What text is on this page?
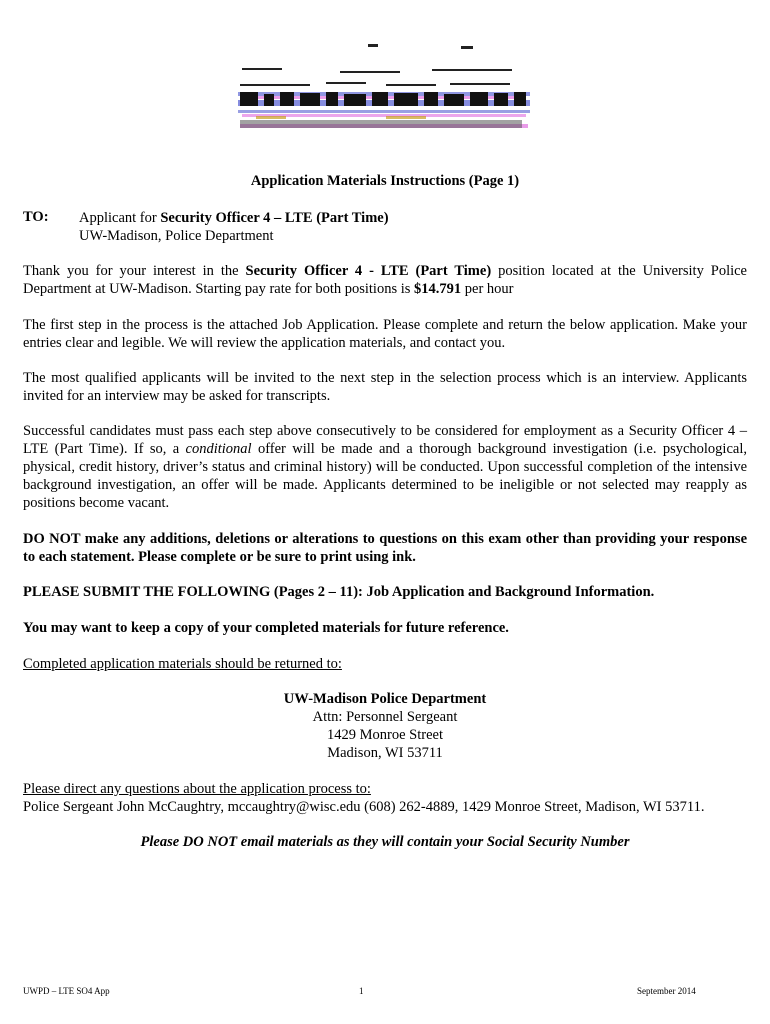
Application Materials Instructions (Page 1)
TO: Applicant for Security Officer 4 – LTE (Part Time)
UW-Madison, Police Department
Thank you for your interest in the Security Officer 4 - LTE (Part Time) position located at the University Police Department at UW-Madison. Starting pay rate for both positions is $14.791 per hour
The first step in the process is the attached Job Application. Please complete and return the below application. Make your entries clear and legible. We will review the application materials, and contact you.
The most qualified applicants will be invited to the next step in the selection process which is an interview. Applicants invited for an interview may be asked for transcripts.
Successful candidates must pass each step above consecutively to be considered for employment as a Security Officer 4 – LTE (Part Time). If so, a conditional offer will be made and a thorough background investigation (i.e. psychological, physical, credit history, driver’s status and criminal history) will be conducted. Upon successful completion of the intensive background investigation, an offer will be made. Applicants determined to be ineligible or not selected may reapply as positions become vacant.
DO NOT make any additions, deletions or alterations to questions on this exam other than providing your response to each statement. Please complete or be sure to print using ink.
PLEASE SUBMIT THE FOLLOWING (Pages 2 – 11): Job Application and Background Information.
You may want to keep a copy of your completed materials for future reference.
Completed application materials should be returned to:
UW-Madison Police Department
Attn: Personnel Sergeant
1429 Monroe Street
Madison, WI 53711
Please direct any questions about the application process to:
Police Sergeant John McCaughtry, mccaughtry@wisc.edu (608) 262-4889, 1429 Monroe Street, Madison, WI 53711.
Please DO NOT email materials as they will contain your Social Security Number
UWPD – LTE SO4 App	1	September 2014
